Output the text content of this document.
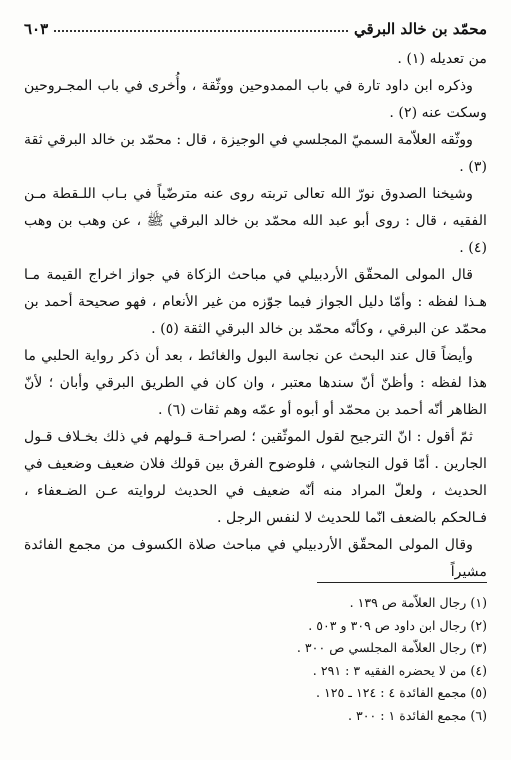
محمّد بن خالد البرقي
٦٠٣

من تعديله (١) .

وذكره ابن داود تارة في باب الممدوحين ووثّقة ، وأُخرى في باب المجـروحين وسكت عنه (٢) .

ووثّقه العلاّمة السميّ المجلسي في الوجيزة ، قال : محمّد بن خالد البرقي ثقة (٣) .

وشيخنا الصدوق نورّ الله تعالى تربته روى عنه مترضّياً في بـاب اللـقطة مـن الفقيه ، قال : روى أبو عبد الله محمّد بن خالد البرقي ﷺ ، عن وهب بن وهب (٤) .

قال المولى المحقّق الأردبيلي في مباحث الزكاة في جواز اخراج القيمة مـا هـذا لفظه : وأمّا دليل الجواز فيما جوّزه من غير الأنعام ، فهو صحيحة أحمد بن محمّد عن البرقي ، وكأنّه محمّد بن خالد البرقي الثقة (٥) .

وأيضاً قال عند البحث عن نجاسة البول والغائط ، بعد أن ذكر رواية الحلبي ما هذا لفظه : وأظنّ أنّ سندها معتبر ، وان كان في الطريق البرقي وأبان ؛ لأنّ الظاهر أنّه أحمد بن محمّد أو أبوه أو عمّه وهم ثقات (٦) .

ثمّ أقول : انّ الترجيح لقول الموثّقين ؛ لصراحـة قـولهم في ذلك بخـلاف قـول الجارين . أمّا قول النجاشي ، فلوضوح الفرق بين قولك فلان ضعيف وضعيف في الحديث ، ولعلّ المراد منه أنّه ضعيف في الحديث لروايته عـن الضـعفاء ، فـالحكم بالضعف انّما للحديث لا لنفس الرجل .

وقال المولى المحقّق الأردبيلي في مباحث صلاة الكسوف من مجمع الفائدة مشيراً

(١) رجال العلاّمة ص ١٣٩ .
(٢) رجال ابن داود ص ٣٠٩ و ٥٠٣ .
(٣) رجال العلاّمة المجلسي ص ٣٠٠ .
(٤) من لا يحضره الفقيه ٣ : ٢٩١ .
(٥) مجمع الفائدة ٤ : ١٢٤ ـ ١٢٥ .
(٦) مجمع الفائدة ١ : ٣٠٠ .
